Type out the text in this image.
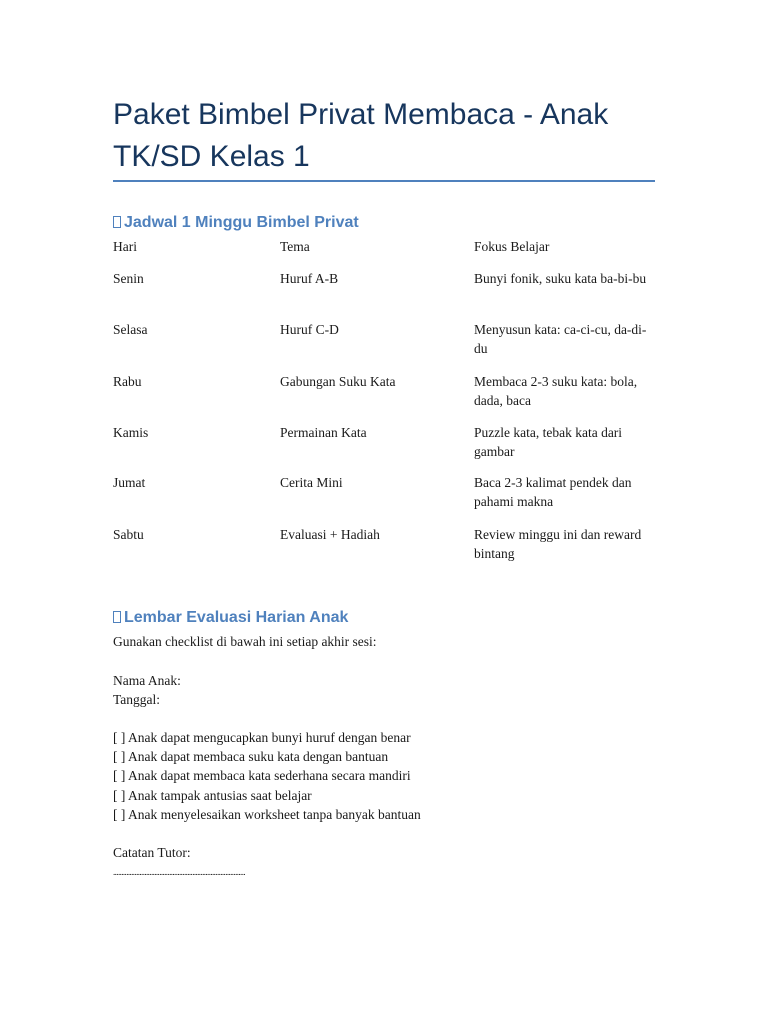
Paket Bimbel Privat Membaca - Anak TK/SD Kelas 1
Jadwal 1 Minggu Bimbel Privat
Hari	Tema	Fokus Belajar
Senin	Huruf A-B	Bunyi fonik, suku kata ba-bi-bu
Selasa	Huruf C-D	Menyusun kata: ca-ci-cu, da-di-du
Rabu	Gabungan Suku Kata	Membaca 2-3 suku kata: bola, dada, baca
Kamis	Permainan Kata	Puzzle kata, tebak kata dari gambar
Jumat	Cerita Mini	Baca 2-3 kalimat pendek dan pahami makna
Sabtu	Evaluasi + Hadiah	Review minggu ini dan reward bintang
Lembar Evaluasi Harian Anak
Gunakan checklist di bawah ini setiap akhir sesi:
Nama Anak:
Tanggal:
[ ] Anak dapat mengucapkan bunyi huruf dengan benar
[ ] Anak dapat membaca suku kata dengan bantuan
[ ] Anak dapat membaca kata sederhana secara mandiri
[ ] Anak tampak antusias saat belajar
[ ] Anak menyelesaikan worksheet tanpa banyak bantuan
Catatan Tutor:
................................................................................
